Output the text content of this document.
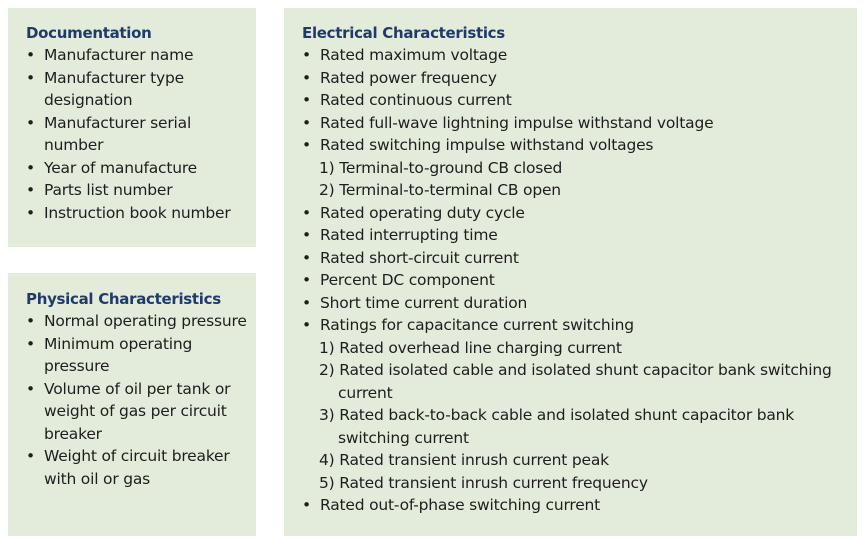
Documentation
• Manufacturer name
• Manufacturer type designation
• Manufacturer serial number
• Year of manufacture
• Parts list number
• Instruction book number
Physical Characteristics
• Normal operating pressure
• Minimum operating pressure
• Volume of oil per tank or weight of gas per circuit breaker
• Weight of circuit breaker with oil or gas
Electrical Characteristics
• Rated maximum voltage
• Rated power frequency
• Rated continuous current
• Rated full-wave lightning impulse withstand voltage
• Rated switching impulse withstand voltages
1) Terminal-to-ground CB closed
2) Terminal-to-terminal CB open
• Rated operating duty cycle
• Rated interrupting time
• Rated short-circuit current
• Percent DC component
• Short time current duration
• Ratings for capacitance current switching
1) Rated overhead line charging current
2) Rated isolated cable and isolated shunt capacitor bank switching current
3) Rated back-to-back cable and isolated shunt capacitor bank switching current
4) Rated transient inrush current peak
5) Rated transient inrush current frequency
• Rated out-of-phase switching current
